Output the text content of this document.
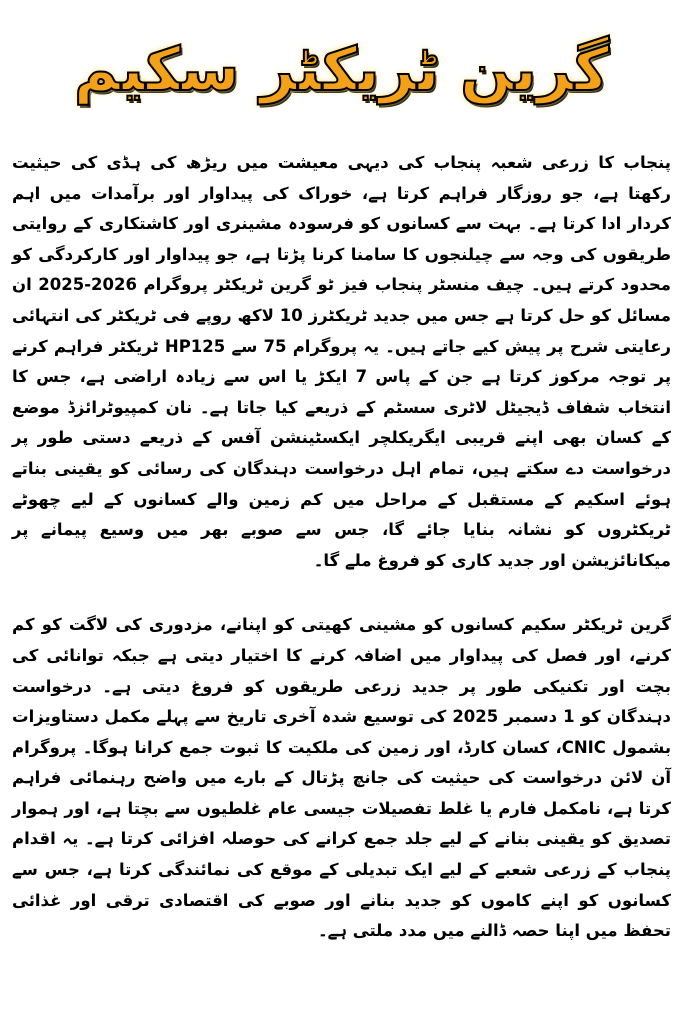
گرین ٹریکٹر سکیم

پنجاب کا زرعی شعبہ پنجاب کی دیہی معیشت میں ریڑھ کی ہڈی کی حیثیت رکھتا ہے، جو روزگار فراہم کرتا ہے، خوراک کی پیداوار اور برآمدات میں اہم کردار ادا کرتا ہے۔ بہت سے کسانوں کو فرسودہ مشینری اور کاشتکاری کے روایتی طریقوں کی وجہ سے چیلنجوں کا سامنا کرنا پڑتا ہے، جو پیداوار اور کارکردگی کو محدود کرتے ہیں۔ چیف منسٹر پنجاب فیز ٹو گرین ٹریکٹر پروگرام 2026-2025 ان مسائل کو حل کرتا ہے جس میں جدید ٹریکٹرز 10 لاکھ روپے فی ٹریکٹر کی انتہائی رعایتی شرح پر پیش کیے جاتے ہیں۔ یہ پروگرام 75 سے HP125 ٹریکٹر فراہم کرنے پر توجہ مرکوز کرتا ہے جن کے پاس 7 ایکڑ یا اس سے زیادہ اراضی ہے، جس کا انتخاب شفاف ڈیجیٹل لاٹری سسٹم کے ذریعے کیا جاتا ہے۔ نان کمپیوٹرائزڈ موضع کے کسان بھی اپنے قریبی ایگریکلچر ایکسٹینشن آفس کے ذریعے دستی طور پر درخواست دے سکتے ہیں، تمام اہل درخواست دہندگان کی رسائی کو یقینی بناتے ہوئے اسکیم کے مستقبل کے مراحل میں کم زمین والے کسانوں کے لیے چھوٹے ٹریکٹروں کو نشانہ بنایا جائے گا، جس سے صوبے بھر میں وسیع پیمانے پر میکانائزیشن اور جدید کاری کو فروغ ملے گا۔

گرین ٹریکٹر سکیم کسانوں کو مشینی کھیتی کو اپنانے، مزدوری کی لاگت کو کم کرنے، اور فصل کی پیداوار میں اضافہ کرنے کا اختیار دیتی ہے جبکہ توانائی کی بچت اور تکنیکی طور پر جدید زرعی طریقوں کو فروغ دیتی ہے۔ درخواست دہندگان کو 1 دسمبر 2025 کی توسیع شدہ آخری تاریخ سے پہلے مکمل دستاویزات بشمول CNIC، کسان کارڈ، اور زمین کی ملکیت کا ثبوت جمع کرانا ہوگا۔ پروگرام آن لائن درخواست کی حیثیت کی جانچ پڑتال کے بارے میں واضح رہنمائی فراہم کرتا ہے، نامکمل فارم یا غلط تفصیلات جیسی عام غلطیوں سے بچتا ہے، اور ہموار تصدیق کو یقینی بنانے کے لیے جلد جمع کرانے کی حوصلہ افزائی کرتا ہے۔ یہ اقدام پنجاب کے زرعی شعبے کے لیے ایک تبدیلی کے موقع کی نمائندگی کرتا ہے، جس سے کسانوں کو اپنے کاموں کو جدید بنانے اور صوبے کی اقتصادی ترقی اور غذائی تحفظ میں اپنا حصہ ڈالنے میں مدد ملتی ہے۔
